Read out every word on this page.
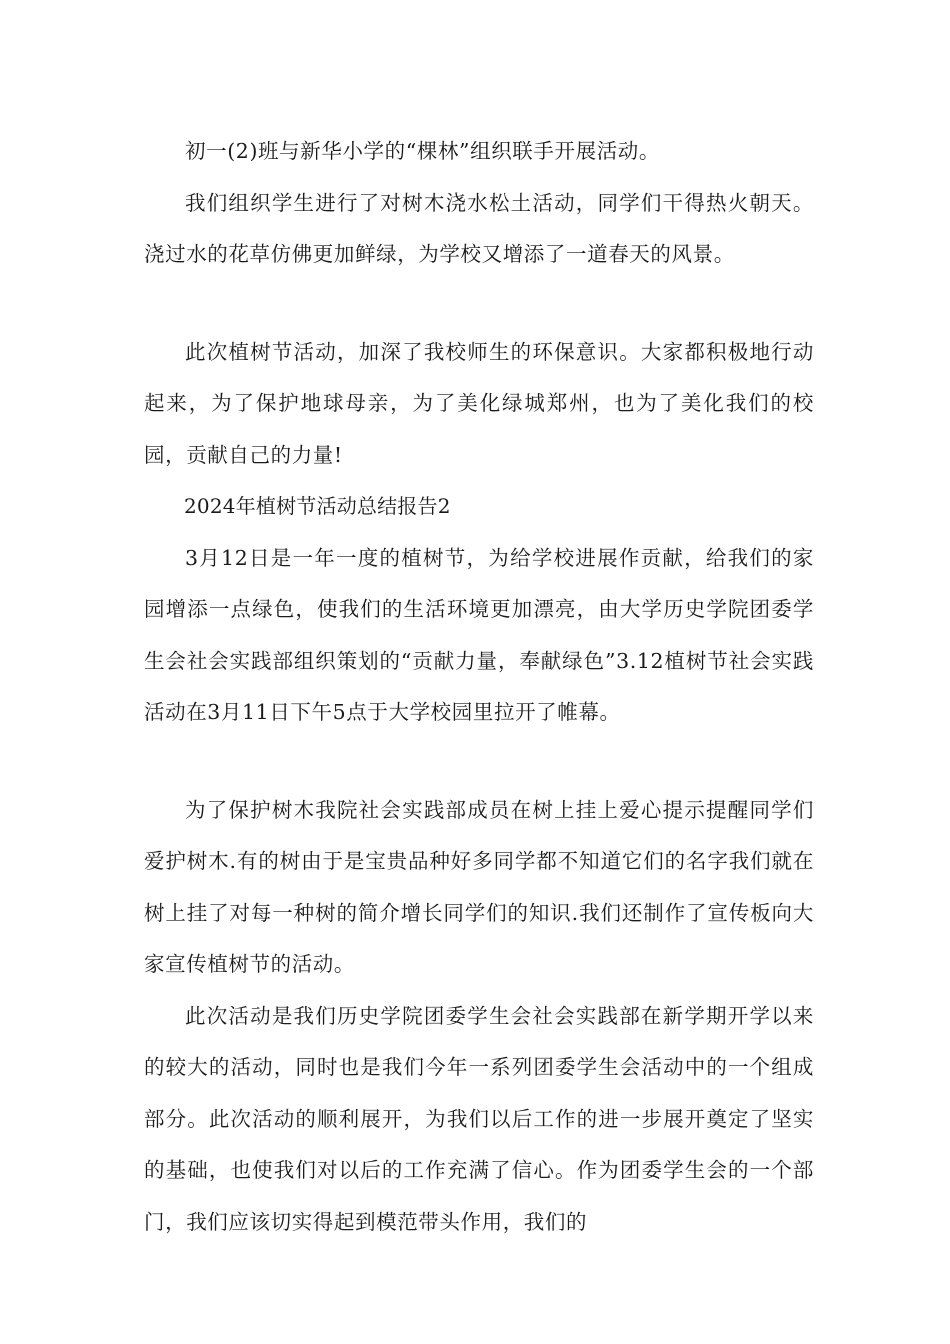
初一(2)班与新华小学的“棵林”组织联手开展活动。

我们组织学生进行了对树木浇水松土活动，同学们干得热火朝天。浇过水的花草仿佛更加鲜绿，为学校又增添了一道春天的风景。

此次植树节活动，加深了我校师生的环保意识。大家都积极地行动起来，为了保护地球母亲，为了美化绿城郑州，也为了美化我们的校园，贡献自己的力量!

2024年植树节活动总结报告2

3月12日是一年一度的植树节，为给学校进展作贡献，给我们的家园增添一点绿色，使我们的生活环境更加漂亮，由大学历史学院团委学生会社会实践部组织策划的“贡献力量，奉献绿色”3.12植树节社会实践活动在3月11日下午5点于大学校园里拉开了帷幕。

为了保护树木我院社会实践部成员在树上挂上爱心提示提醒同学们爱护树木.有的树由于是宝贵品种好多同学都不知道它们的名字我们就在树上挂了对每一种树的简介增长同学们的知识.我们还制作了宣传板向大家宣传植树节的活动。

此次活动是我们历史学院团委学生会社会实践部在新学期开学以来的较大的活动，同时也是我们今年一系列团委学生会活动中的一个组成部分。此次活动的顺利展开，为我们以后工作的进一步展开奠定了坚实的基础，也使我们对以后的工作充满了信心。作为团委学生会的一个部门，我们应该切实得起到模范带头作用，我们的
